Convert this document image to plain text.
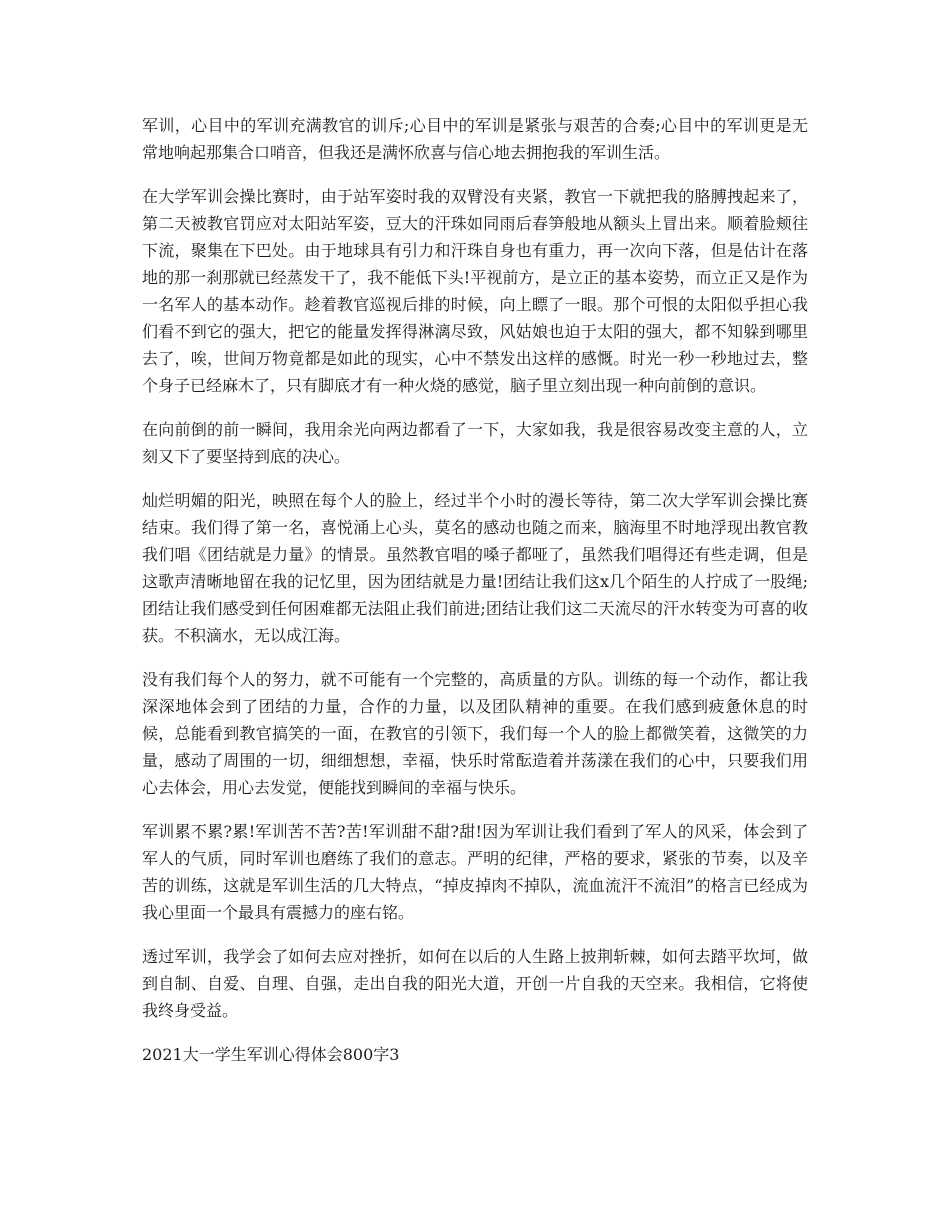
军训，心目中的军训充满教官的训斥;心目中的军训是紧张与艰苦的合奏;心目中的军训更是无常地响起那集合口哨音，但我还是满怀欣喜与信心地去拥抱我的军训生活。

在大学军训会操比赛时，由于站军姿时我的双臂没有夹紧，教官一下就把我的胳膊拽起来了，第二天被教官罚应对太阳站军姿，豆大的汗珠如同雨后春笋般地从额头上冒出来。顺着脸颊往下流，聚集在下巴处。由于地球具有引力和汗珠自身也有重力，再一次向下落，但是估计在落地的那一刹那就已经蒸发干了，我不能低下头!平视前方，是立正的基本姿势，而立正又是作为一名军人的基本动作。趁着教官巡视后排的时候，向上瞟了一眼。那个可恨的太阳似乎担心我们看不到它的强大，把它的能量发挥得淋漓尽致，风姑娘也迫于太阳的强大，都不知躲到哪里去了，唉，世间万物竟都是如此的现实，心中不禁发出这样的感慨。时光一秒一秒地过去，整个身子已经麻木了，只有脚底才有一种火烧的感觉，脑子里立刻出现一种向前倒的意识。

在向前倒的前一瞬间，我用余光向两边都看了一下，大家如我，我是很容易改变主意的人，立刻又下了要坚持到底的决心。

灿烂明媚的阳光，映照在每个人的脸上，经过半个小时的漫长等待，第二次大学军训会操比赛结束。我们得了第一名，喜悦涌上心头，莫名的感动也随之而来，脑海里不时地浮现出教官教我们唱《团结就是力量》的情景。虽然教官唱的嗓子都哑了，虽然我们唱得还有些走调，但是这歌声清晰地留在我的记忆里，因为团结就是力量!团结让我们这x几个陌生的人拧成了一股绳;团结让我们感受到任何困难都无法阻止我们前进;团结让我们这二天流尽的汗水转变为可喜的收获。不积滴水，无以成江海。

没有我们每个人的努力，就不可能有一个完整的，高质量的方队。训练的每一个动作，都让我深深地体会到了团结的力量，合作的力量，以及团队精神的重要。在我们感到疲惫休息的时候，总能看到教官搞笑的一面，在教官的引领下，我们每一个人的脸上都微笑着，这微笑的力量，感动了周围的一切，细细想想，幸福，快乐时常酝造着并荡漾在我们的心中，只要我们用心去体会，用心去发觉，便能找到瞬间的幸福与快乐。

军训累不累?累!军训苦不苦?苦!军训甜不甜?甜!因为军训让我们看到了军人的风采，体会到了军人的气质，同时军训也磨练了我们的意志。严明的纪律，严格的要求，紧张的节奏，以及辛苦的训练，这就是军训生活的几大特点，“掉皮掉肉不掉队，流血流汗不流泪”的格言已经成为我心里面一个最具有震撼力的座右铭。

透过军训，我学会了如何去应对挫折，如何在以后的人生路上披荆斩棘，如何去踏平坎坷，做到自制、自爱、自理、自强，走出自我的阳光大道，开创一片自我的天空来。我相信，它将使我终身受益。

2021大一学生军训心得体会800字3
